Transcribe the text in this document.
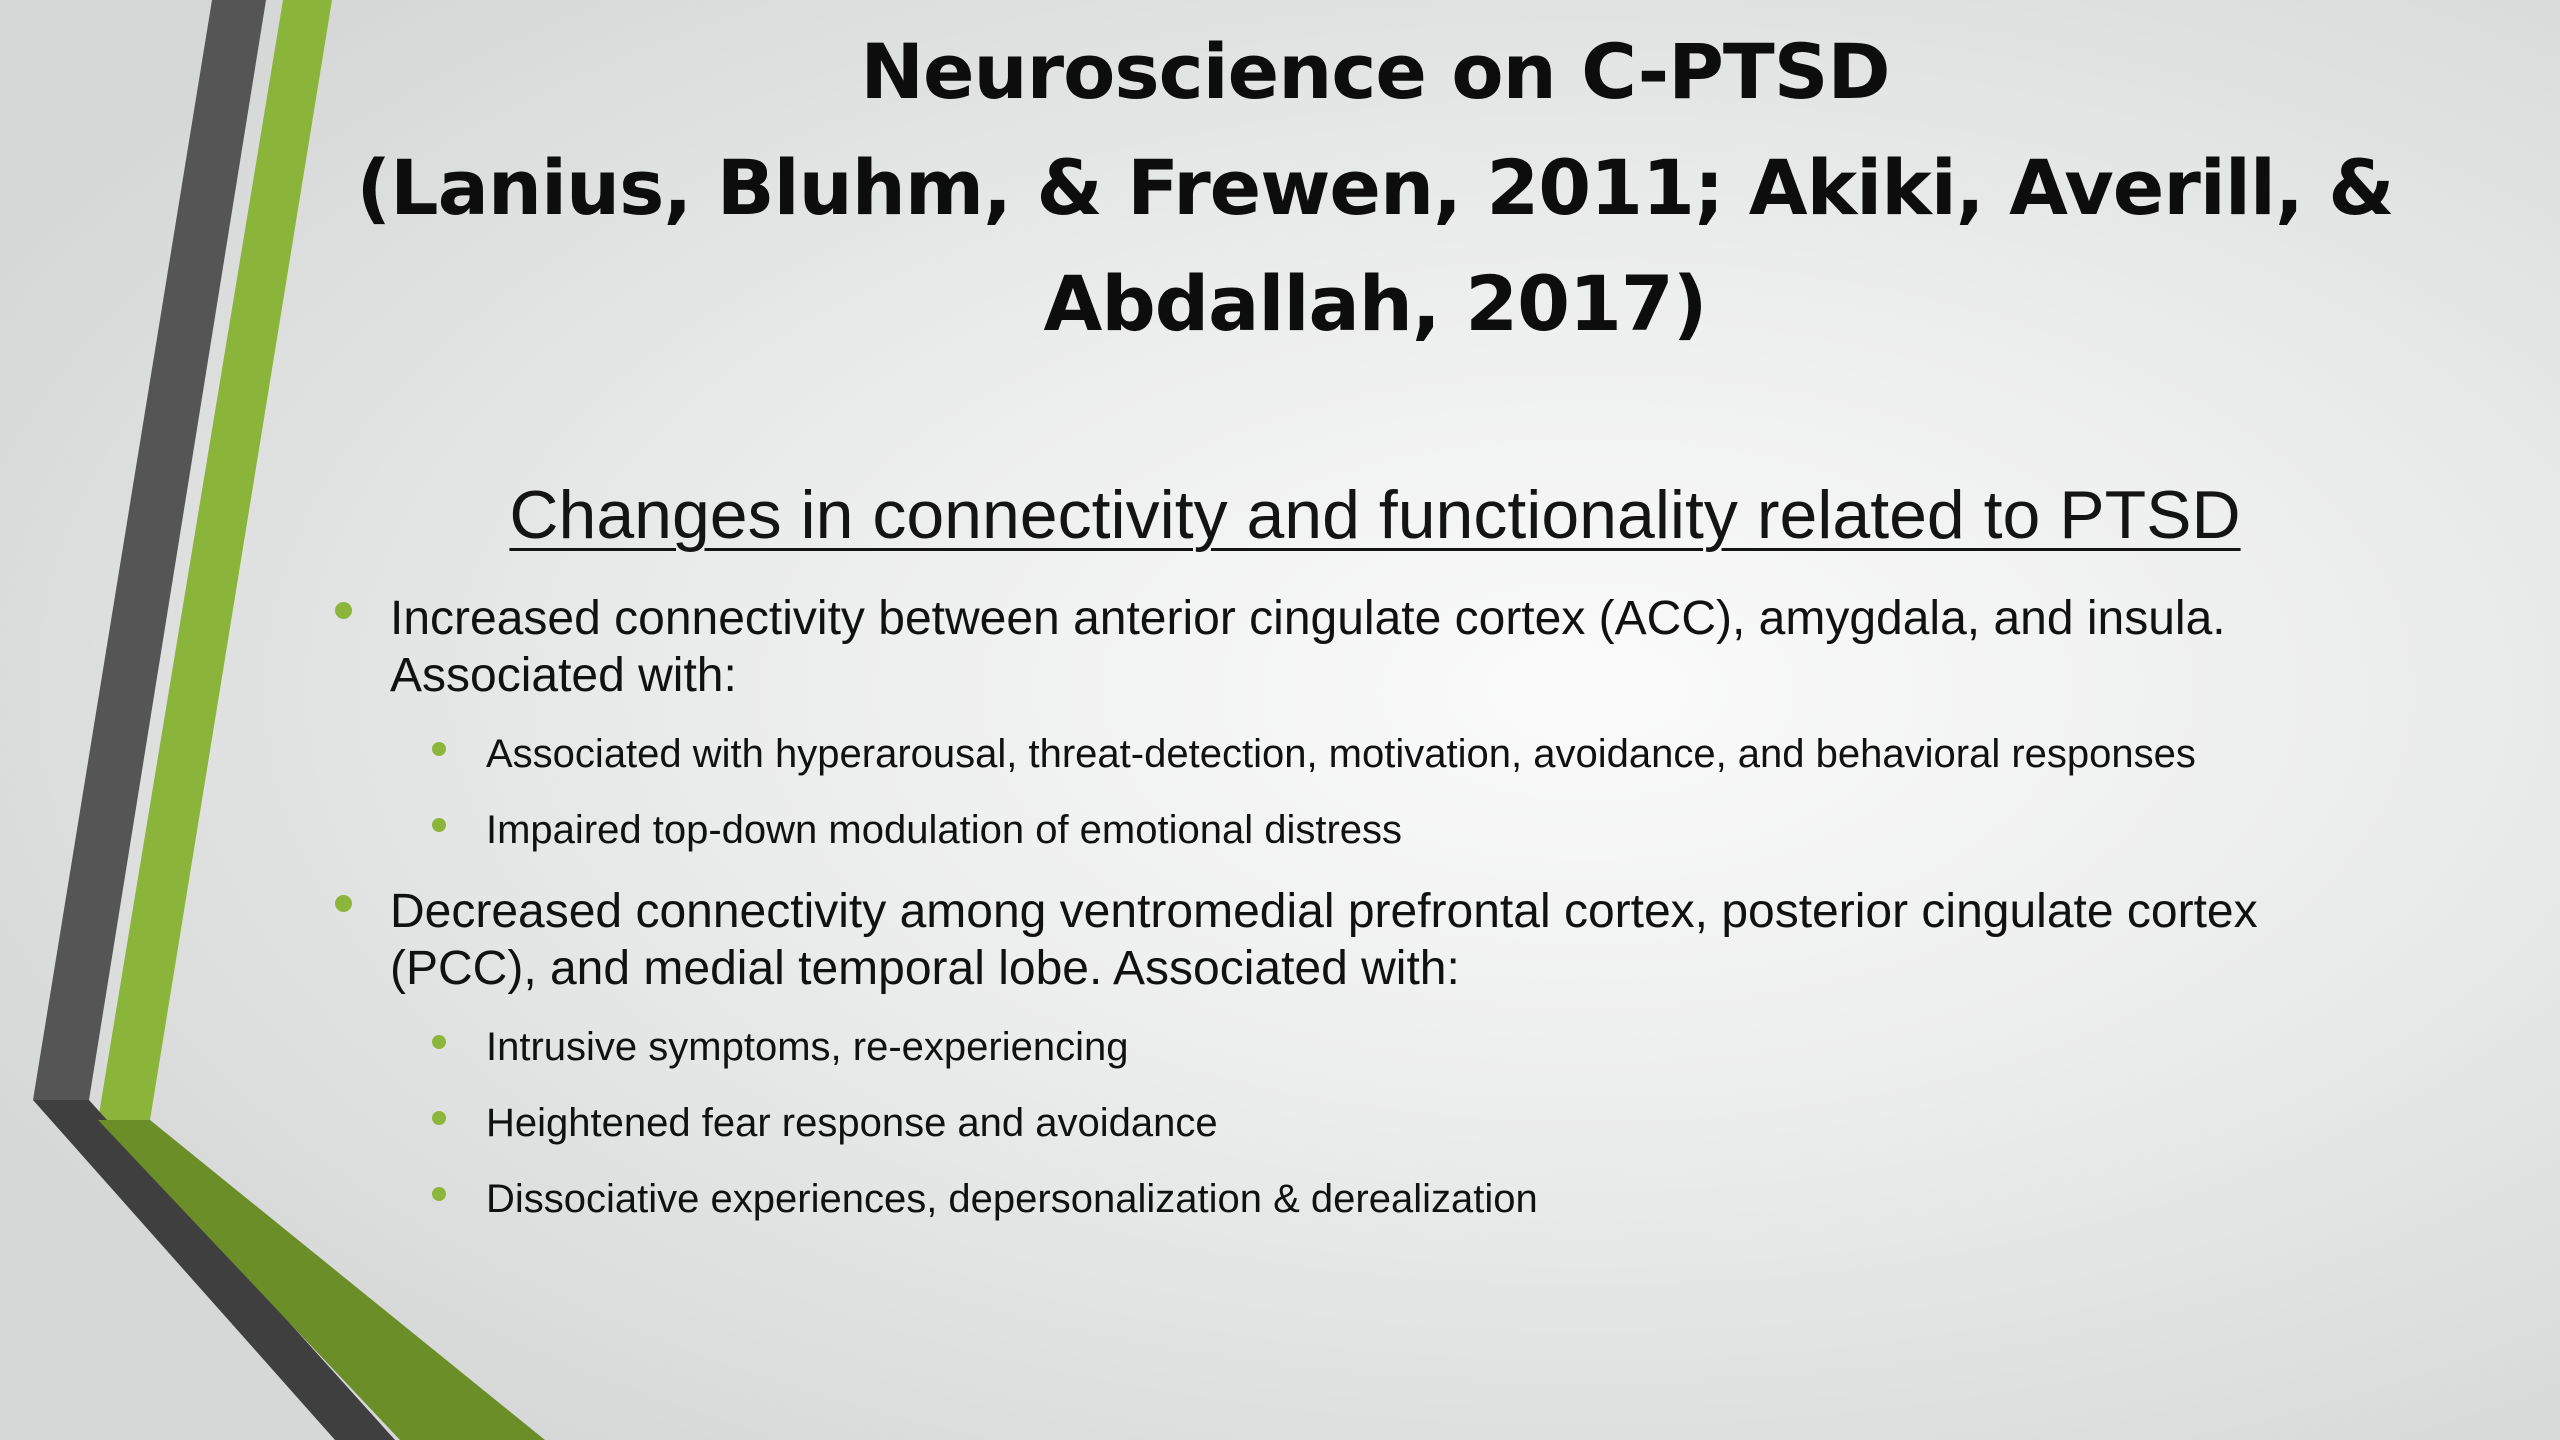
Neuroscience on C-PTSD
(Lanius, Bluhm, & Frewen, 2011; Akiki, Averill, &
Abdallah, 2017)
Changes in connectivity and functionality related to PTSD
Increased connectivity between anterior cingulate cortex (ACC), amygdala, and insula. Associated with:
Associated with hyperarousal, threat-detection, motivation, avoidance, and behavioral responses
Impaired top-down modulation of emotional distress
Decreased connectivity among ventromedial prefrontal cortex, posterior cingulate cortex (PCC), and medial temporal lobe. Associated with:
Intrusive symptoms, re-experiencing
Heightened fear response and avoidance
Dissociative experiences, depersonalization & derealization
